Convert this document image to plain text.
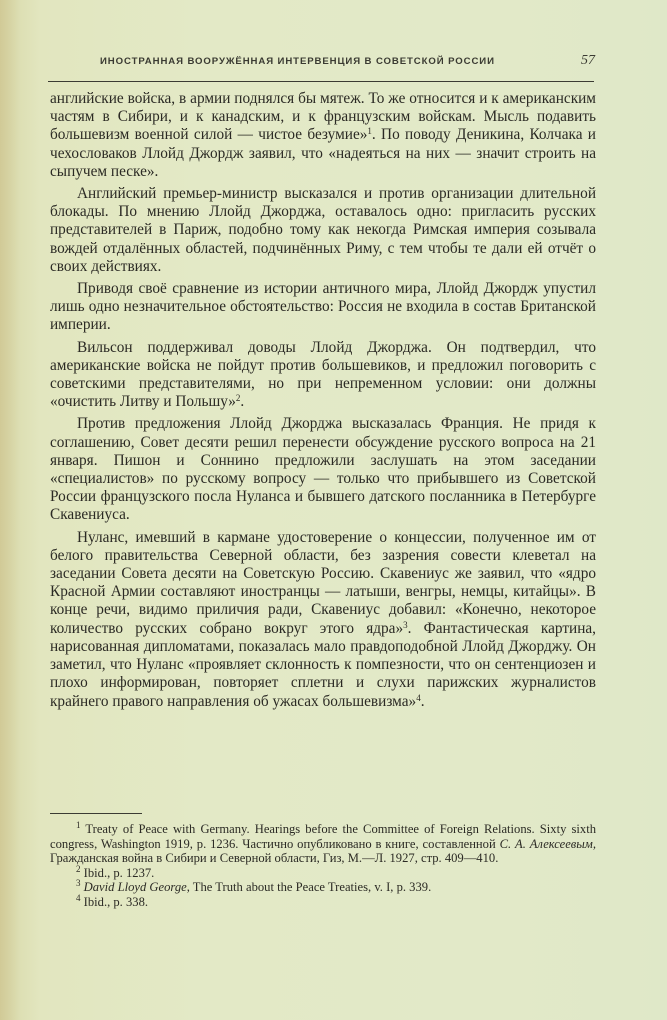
ИНОСТРАННАЯ ВООРУЖЁННАЯ ИНТЕРВЕНЦИЯ В СОВЕТСКОЙ РОССИИ	57

английские войска, в армии поднялся бы мятеж. То же относится и к американским частям в Сибири, и к канадским, и к французским войскам. Мысль подавить большевизм военной силой — чистое безумие»$^1$. По поводу Деникина, Колчака и чехословаков Ллойд Джордж заявил, что «надеяться на них — значит строить на сыпучем песке».

Английский премьер-министр высказался и против организации длительной блокады. По мнению Ллойд Джорджа, оставалось одно: пригласить русских представителей в Париж, подобно тому как некогда Римская империя созывала вождей отдалённых областей, подчинённых Риму, с тем чтобы те дали ей отчёт о своих действиях.

Приводя своё сравнение из истории античного мира, Ллойд Джордж упустил лишь одно незначительное обстоятельство: Россия не входила в состав Британской империи.

Вильсон поддерживал доводы Ллойд Джорджа. Он подтвердил, что американские войска не пойдут против большевиков, и предложил поговорить с советскими представителями, но при непременном условии: они должны «очистить Литву и Польшу»$^2$.

Против предложения Ллойд Джорджа высказалась Франция. Не придя к соглашению, Совет десяти решил перенести обсуждение русского вопроса на 21 января. Пишон и Соннино предложили заслушать на этом заседании «специалистов» по русскому вопросу — только что прибывшего из Советской России французского посла Нуланса и бывшего датского посланника в Петербурге Скавениуса.

Нуланс, имевший в кармане удостоверение о концессии, полученное им от белого правительства Северной области, без зазрения совести клеветал на заседании Совета десяти на Советскую Россию. Скавениус же заявил, что «ядро Красной Армии составляют иностранцы — латыши, венгры, немцы, китайцы». В конце речи, видимо приличия ради, Скавениус добавил: «Конечно, некоторое количество русских собрано вокруг этого ядра»$^3$. Фантастическая картина, нарисованная дипломатами, показалась мало правдоподобной Ллойд Джорджу. Он заметил, что Нуланс «проявляет склонность к помпезности, что он сентенциозен и плохо информирован, повторяет сплетни и слухи парижских журналистов крайнего правого направления об ужасах большевизма»$^4$.

$^1$ Treaty of Peace with Germany. Hearings before the Committee of Foreign Relations. Sixty sixth congress, Washington 1919, p. 1236. Частично опубликовано в книге, составленной С. А. Алексеевым, Гражданская война в Сибири и Северной области, Гиз, М.—Л. 1927, стр. 409—410.

$^2$ Ibid., p. 1237.

$^3$ David Lloyd George, The Truth about the Peace Treaties, v. I, p. 339.

$^4$ Ibid., p. 338.
